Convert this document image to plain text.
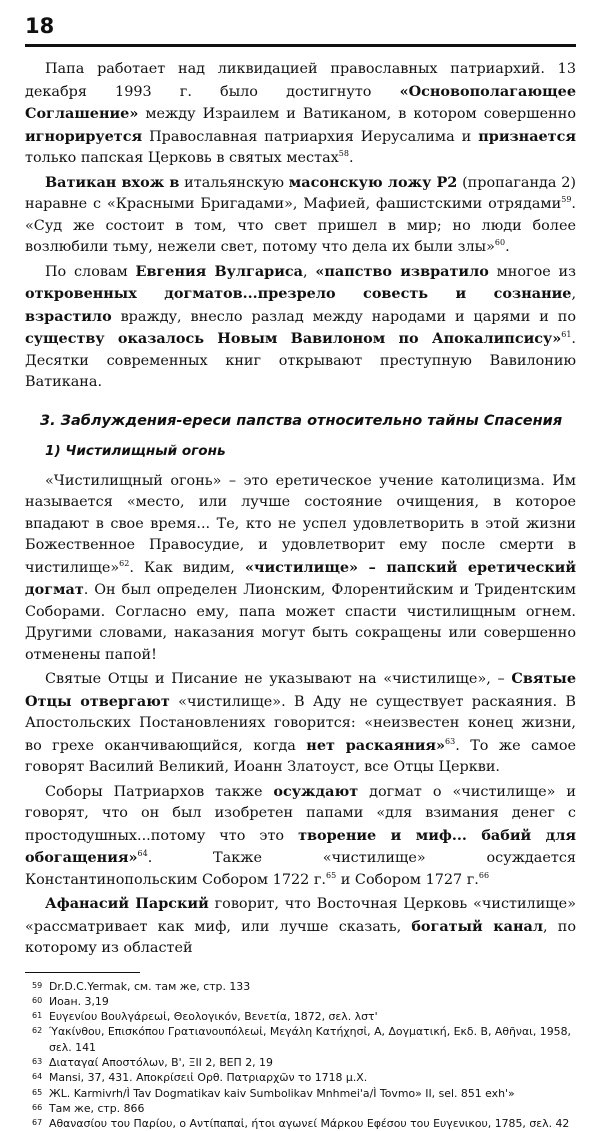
18

Папа работает над ликвидацией православных патриархий. 13 декабря 1993 г. было достигнуто «Основополагающее Соглашение» между Израилем и Ватиканом, в котором совершенно игнорируется Православная патриархия Иерусалима и признается только папская Церковь в святых местах$^{58}$.

Ватикан вхож в итальянскую масонскую ложу Р2 (пропаганда 2) наравне с «Красными Бригадами», Мафией, фашистскими отрядами$^{59}$. «Суд же состоит в том, что свет пришел в мир; но люди более возлюбили тьму, нежели свет, потому что дела их были злы»$^{60}$.

По словам Евгения Вулгариса, «папство извратило многое из откровенных догматов...презрело совесть и сознание, взрастило вражду, внесло разлад между народами и царями и по существу оказалось Новым Вавилоном по Апокалипсису»$^{61}$. Десятки современных книг открывают преступную Вавилонию Ватикана.

3. Заблуждения-ереси папства относительно тайны Спасения
1) Чистилищный огонь

«Чистилищный огонь» – это еретическое учение католицизма. Им называется «место, или лучше состояние очищения, в которое впадают в свое время... Те, кто не успел удовлетворить в этой жизни Божественное Правосудие, и удовлетворит ему после смерти в чистилище»$^{62}$. Как видим, «чистилище» – папский еретический догмат. Он был определен Лионским, Флорентийским и Тридентским Соборами. Согласно ему, папа может спасти чистилищным огнем. Другими словами, наказания могут быть сокращены или совершенно отменены папой!

Святые Отцы и Писание не указывают на «чистилище», – Святые Отцы отвергают «чистилище». В Аду не существует раскаяния. В Апостольских Постановлениях говорится: «неизвестен конец жизни, во грехе оканчивающийся, когда нет раскаяния»$^{63}$. То же самое говорят Василий Великий, Иоанн Златоуст, все Отцы Церкви.

Соборы Патриархов также осуждают догмат о «чистилище» и говорят, что он был изобретен папами «для взимания денег с простодушных...потому что это творение и миф... бабий для обогащения»$^{64}$. Также «чистилище» осуждается Константинопольским Собором 1722 г.$^{65}$ и Собором 1727 г.$^{66}$

Афанасий Парский говорит, что Восточная Церковь «чистилище» «рассматривает как миф, или лучше сказать, богатый канал, по которому из областей

59 Dr.D.C.Yermak, см. там же, стр. 133
60 Иоан. 3,19
61 Ευγενίου Βουλγάρεωἰ, Θεολογικόν, Βενετία, 1872, σελ. λστ'
62 Ύακίνθου, Επισκόπου Γρατιανουπόλεωἰ, Μεγάλη Κατήχησἰ, Α, Δογματική, Εκδ. Β, Αθῆναι, 1958,
σελ. 141
63 Διαταγαί Αποστόλων, Β', ΞΙΙ 2, ΒΕΠ 2, 19
64 Mansi, 37, 431. Αποκρίσειἰ Ορθ. Πατριαρχῶν το 1718 μ.Χ.
65 ЖL. Karmivrh/Ì Tav Dogmatikav kaiv Sumbolikav Mnhmei'a/Ì Tovmo» II, sel. 851 exh'»
66 Там же, стр. 866
67 Αθανασίου του Παρίου, ο Αντίπαπαἰ, ήτοι αγωνεί Μάρκου Εφέσου του Ευγενικου, 1785, σελ. 42
